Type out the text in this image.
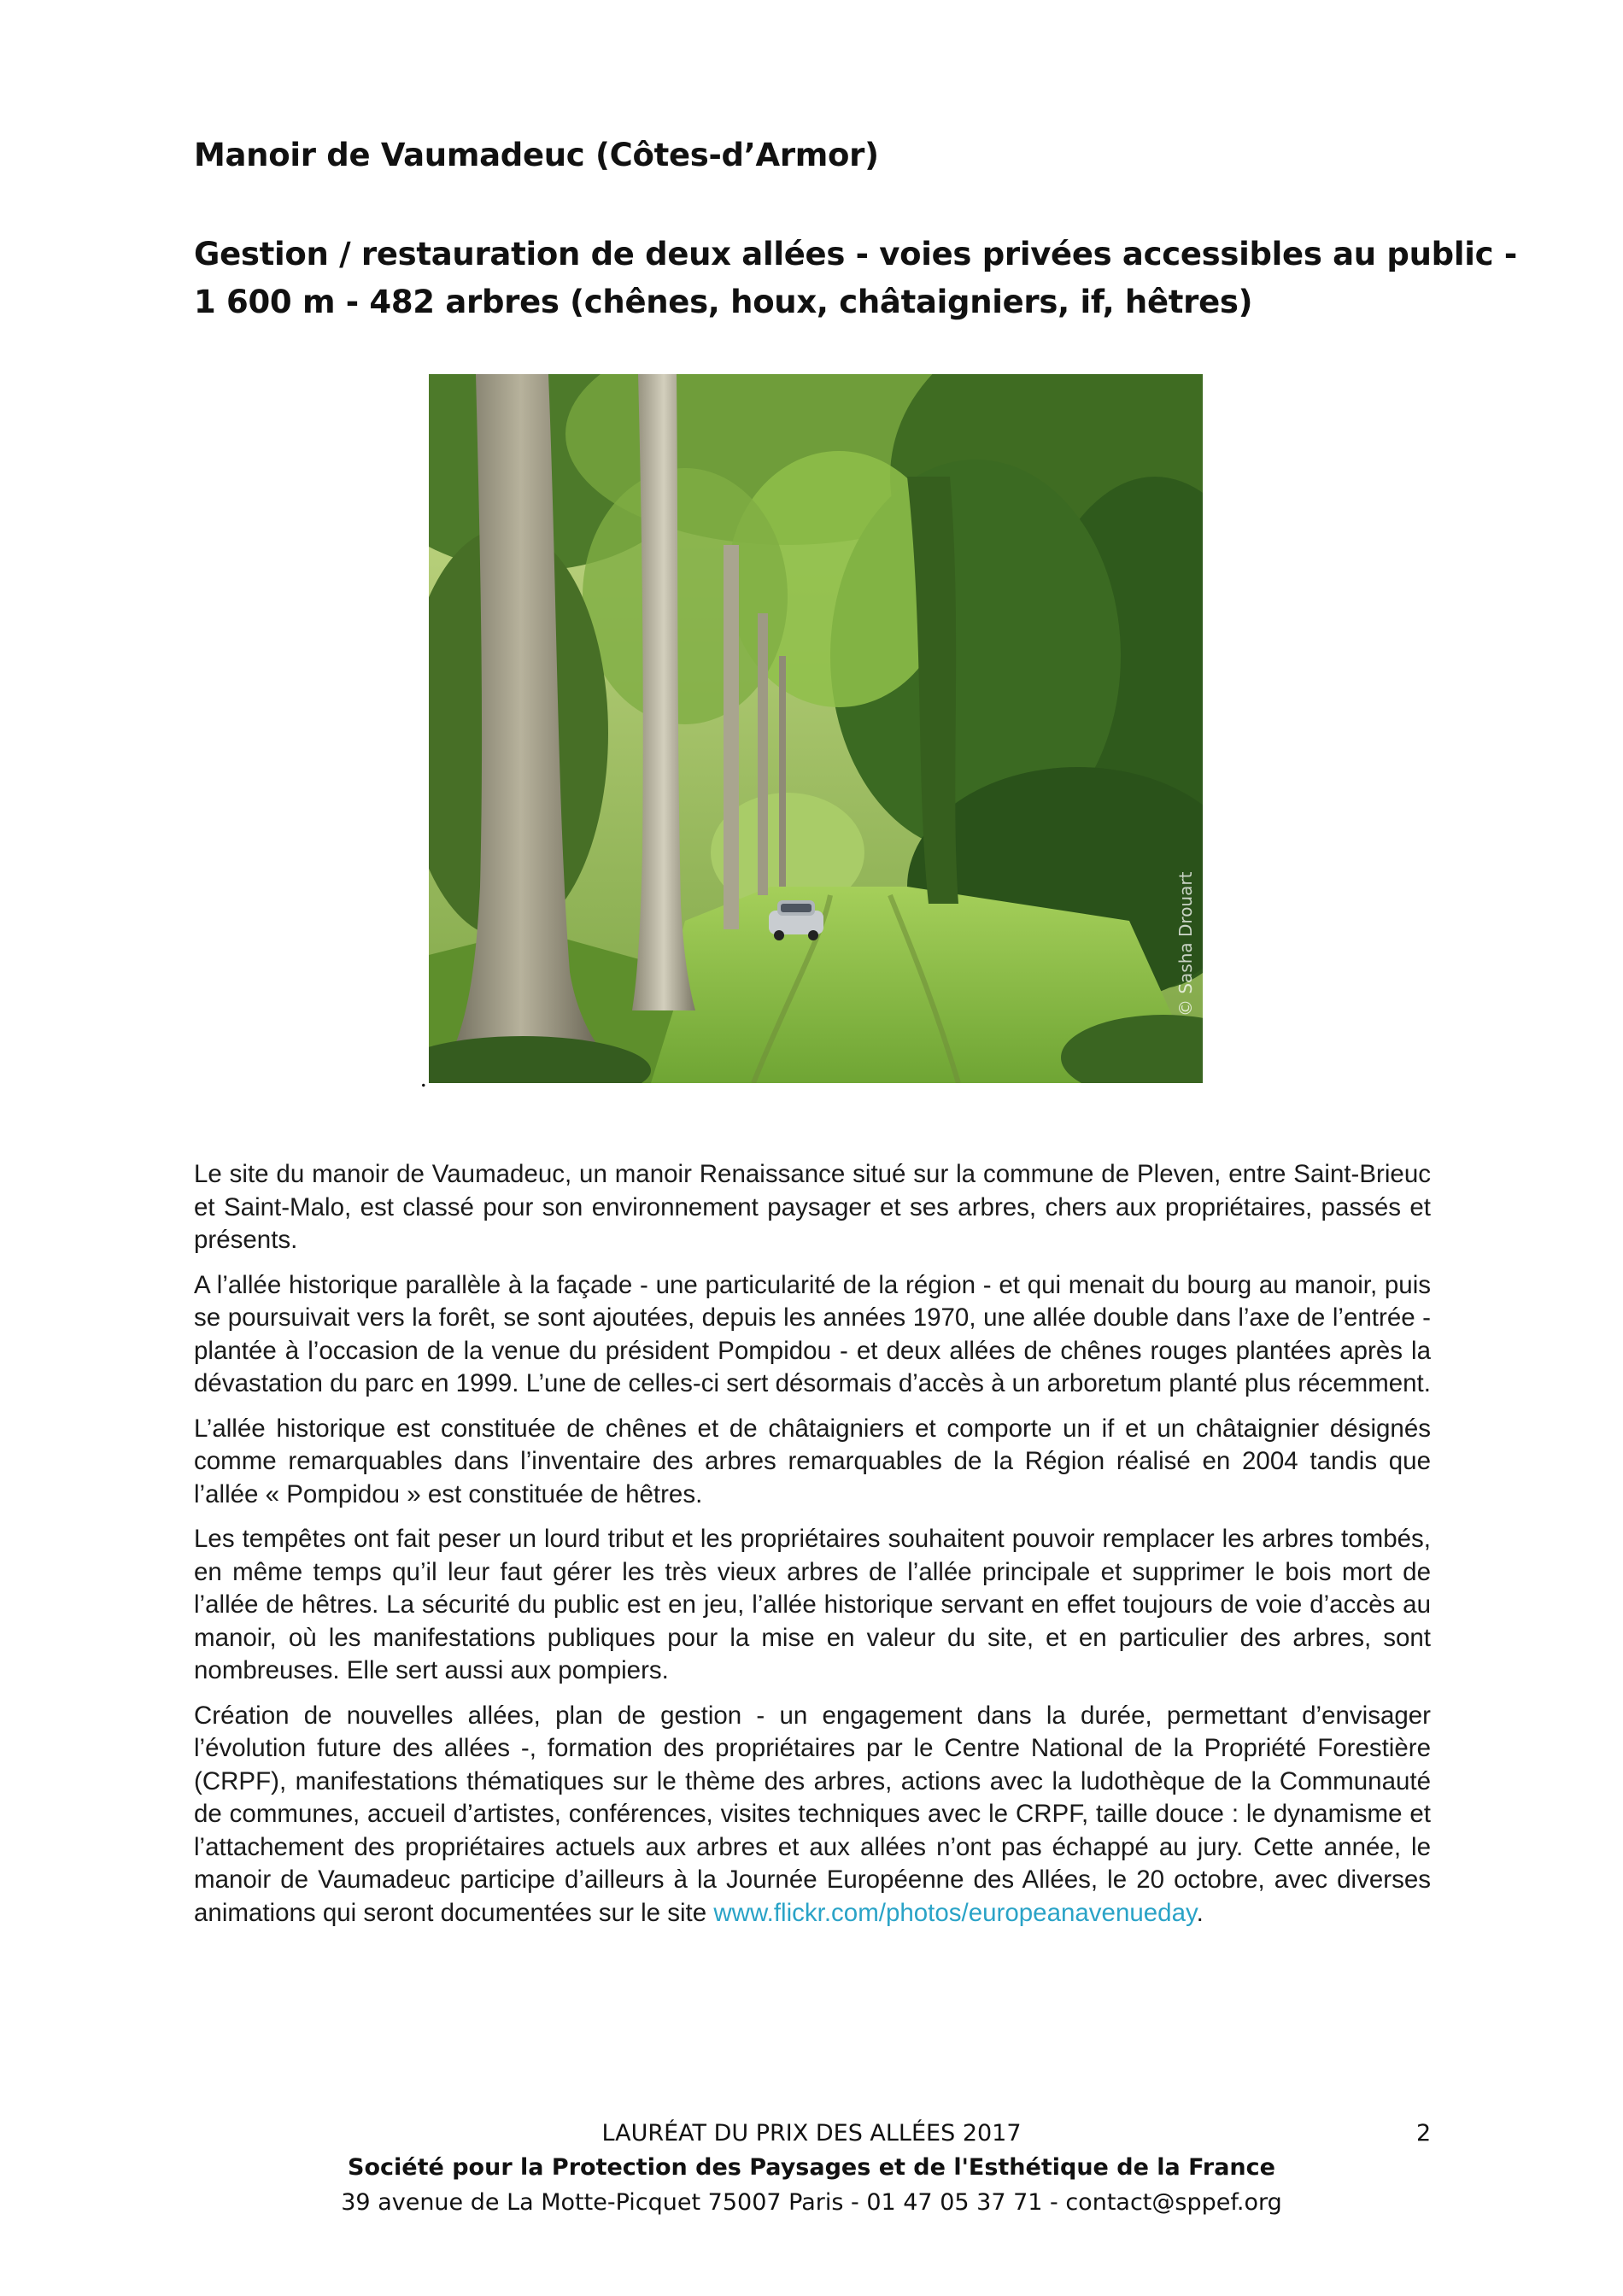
Manoir de Vaumadeuc (Côtes-d’Armor)
Gestion / restauration de deux allées - voies privées accessibles au public -
1 600 m - 482 arbres (chênes, houx, châtaigniers, if, hêtres)
© Sasha Drouart
.

Le site du manoir de Vaumadeuc, un manoir Renaissance situé sur la commune de Pleven, entre Saint-Brieuc et Saint-Malo, est classé pour son environnement paysager et ses arbres, chers aux propriétaires, passés et présents.

A l’allée historique parallèle à la façade - une particularité de la région - et qui menait du bourg au manoir, puis se poursuivait vers la forêt, se sont ajoutées, depuis les années 1970, une allée double dans l’axe de l’entrée - plantée à l’occasion de la venue du président Pompidou - et deux allées de chênes rouges plantées après la dévastation du parc en 1999. L’une de celles-ci sert désormais d’accès à un arboretum planté plus récemment.

L’allée historique est constituée de chênes et de châtaigniers et comporte un if et un châtaignier désignés comme remarquables dans l’inventaire des arbres remarquables de la Région réalisé en 2004 tandis que l’allée « Pompidou » est constituée de hêtres.

Les tempêtes ont fait peser un lourd tribut et les propriétaires souhaitent pouvoir remplacer les arbres tombés, en même temps qu’il leur faut gérer les très vieux arbres de l’allée principale et supprimer le bois mort de l’allée de hêtres. La sécurité du public est en jeu, l’allée historique servant en effet toujours de voie d’accès au manoir, où les manifestations publiques pour la mise en valeur du site, et en particulier des arbres, sont nombreuses. Elle sert aussi aux pompiers.

Création de nouvelles allées, plan de gestion - un engagement dans la durée, permettant d’envisager l’évolution future des allées -, formation des propriétaires par le Centre National de la Propriété Forestière (CRPF), manifestations thématiques sur le thème des arbres, actions avec la ludothèque de la Communauté de communes, accueil d’artistes, conférences, visites techniques avec le CRPF, taille douce : le dynamisme et l’attachement des propriétaires actuels aux arbres et aux allées n’ont pas échappé au jury. Cette année, le manoir de Vaumadeuc participe d’ailleurs à la Journée Européenne des Allées, le 20 octobre, avec diverses animations qui seront documentées sur le site www.flickr.com/photos/europeanavenueday.

LAURÉAT DU PRIX DES ALLÉES 2017
Société pour la Protection des Paysages et de l'Esthétique de la France
39 avenue de La Motte-Picquet 75007 Paris - 01 47 05 37 71 - contact@sppef.org
2
